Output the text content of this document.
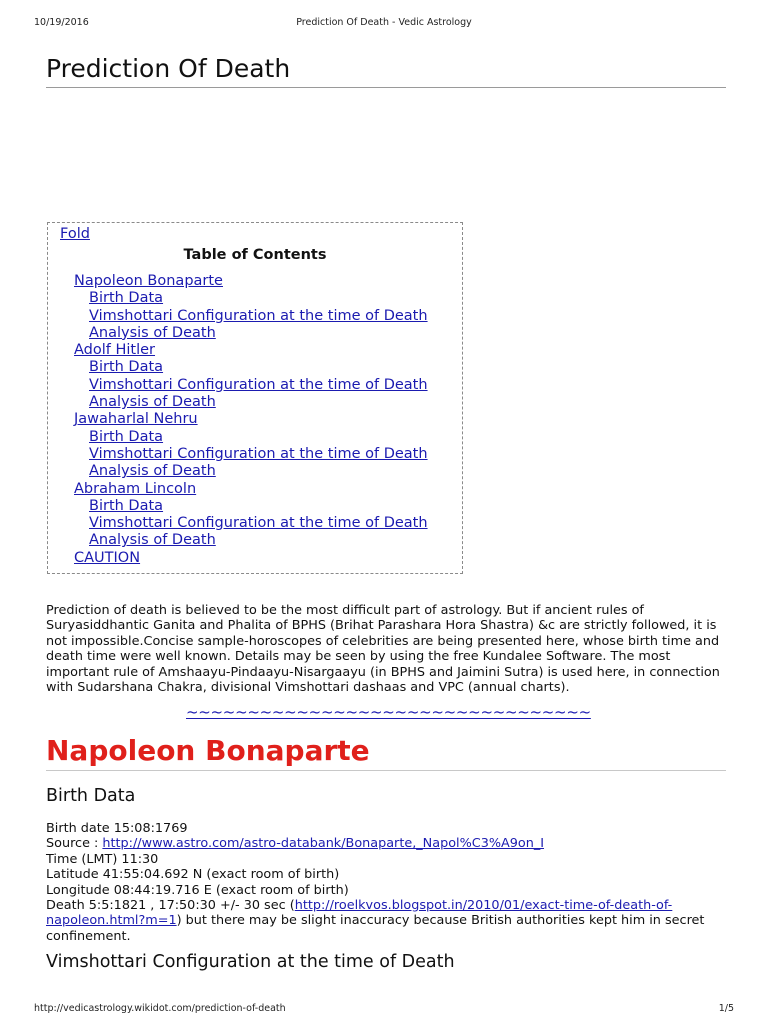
10/19/2016	Prediction Of Death - Vedic Astrology
Prediction Of Death
Fold
Table of Contents
Napoleon Bonaparte
Birth Data
Vimshottari Configuration at the time of Death
Analysis of Death
Adolf Hitler
Birth Data
Vimshottari Configuration at the time of Death
Analysis of Death
Jawaharlal Nehru
Birth Data
Vimshottari Configuration at the time of Death
Analysis of Death
Abraham Lincoln
Birth Data
Vimshottari Configuration at the time of Death
Analysis of Death
CAUTION

Prediction of death is believed to be the most difficult part of astrology. But if ancient rules of Suryasiddhantic Ganita and Phalita of BPHS (Brihat Parashara Hora Shastra) &c are strictly followed, it is not impossible.Concise sample-horoscopes of celebrities are being presented here, whose birth time and death time were well known. Details may be seen by using the free Kundalee Software. The most important rule of Amshaayu-Pindaayu-Nisargaayu (in BPHS and Jaimini Sutra) is used here, in connection with Sudarshana Chakra, divisional Vimshottari dashaas and VPC (annual charts).

~~~~~~~~~~~~~~~~~~~~~~~~~~~~~~~~~
Napoleon Bonaparte
Birth Data
Birth date 15:08:1769
Source : http://www.astro.com/astro-databank/Bonaparte,_Napol%C3%A9on_I
Time (LMT) 11:30
Latitude 41:55:04.692 N (exact room of birth)
Longitude 08:44:19.716 E (exact room of birth)
Death 5:5:1821 , 17:50:30 +/- 30 sec (http://roelkvos.blogspot.in/2010/01/exact-time-of-death-of-napoleon.html?m=1) but there may be slight inaccuracy because British authorities kept him in secret confinement.
Vimshottari Configuration at the time of Death
http://vedicastrology.wikidot.com/prediction-of-death	1/5
